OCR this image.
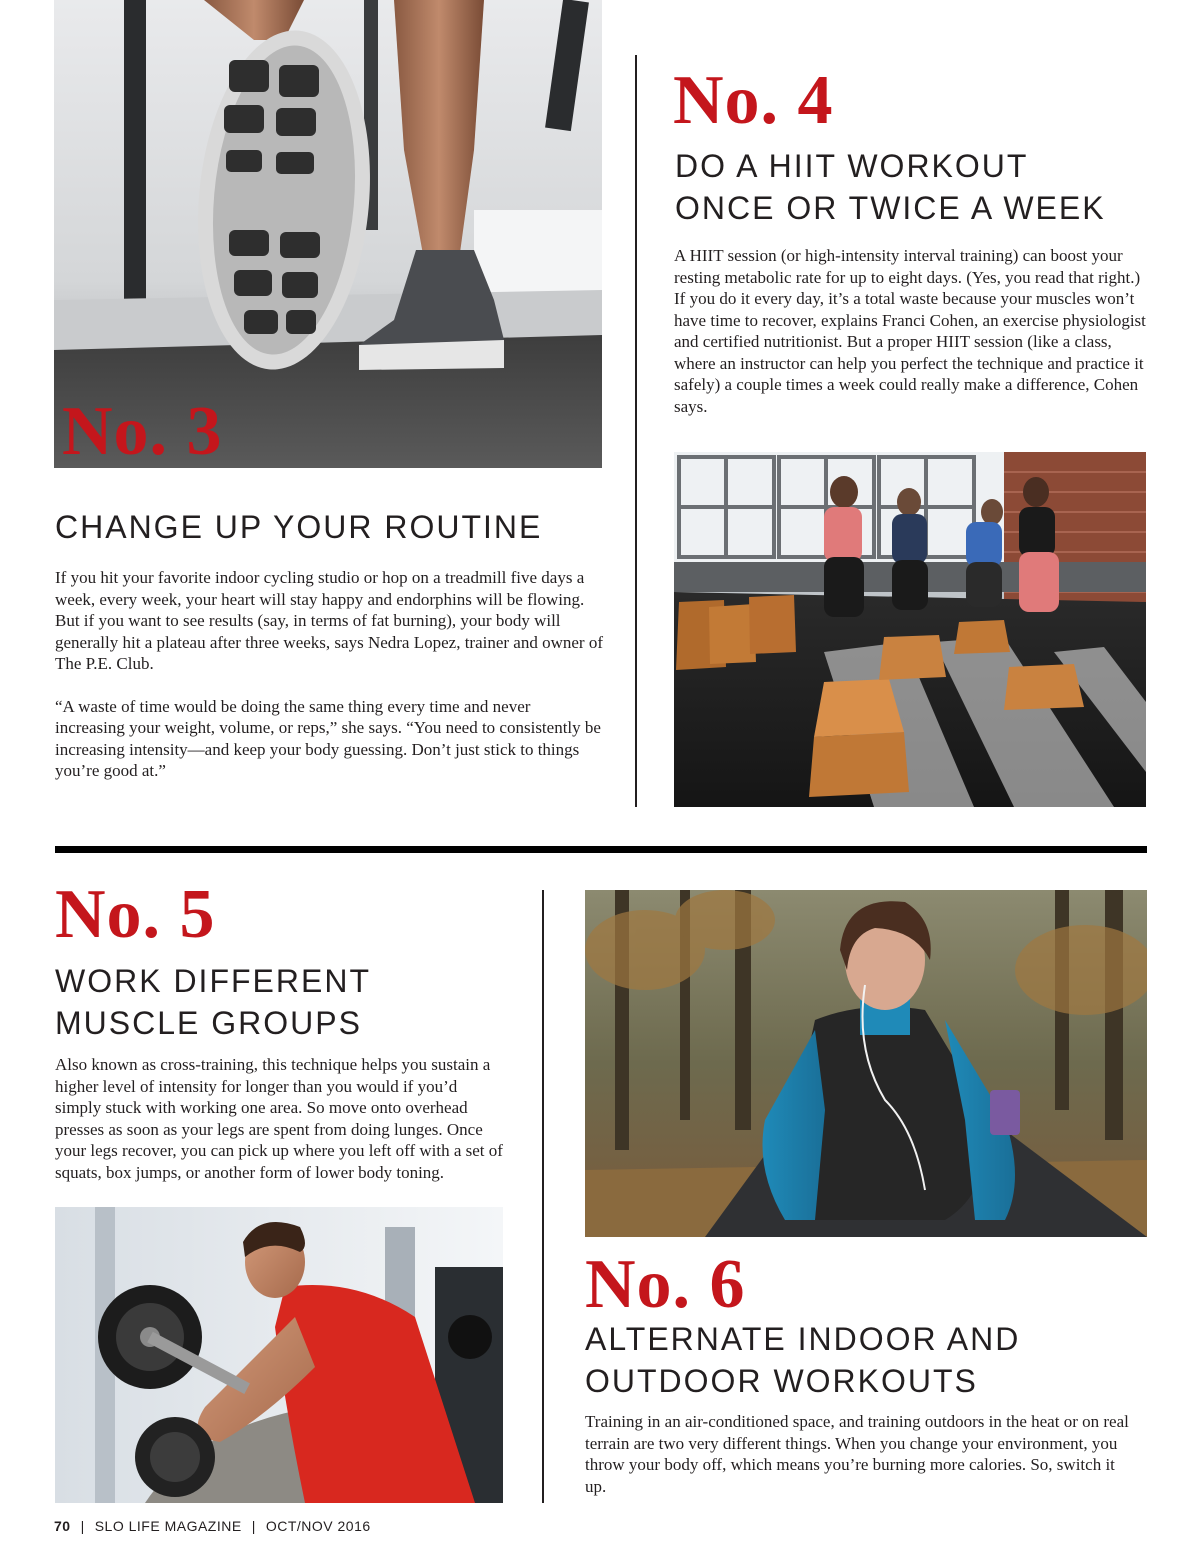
No. 3
CHANGE UP YOUR ROUTINE

If you hit your favorite indoor cycling studio or hop on a treadmill five days a week, every week, your heart will stay happy and endorphins will be flowing. But if you want to see results (say, in terms of fat burning), your body will generally hit a plateau after three weeks, says Nedra Lopez, trainer and owner of The P.E. Club.

“A waste of time would be doing the same thing every time and never increasing your weight, volume, or reps,” she says. “You need to consistently be increasing intensity—and keep your body guessing. Don’t just stick to things you’re good at.”

No. 4
DO A HIIT WORKOUT
ONCE OR TWICE A WEEK
A HIIT session (or high-intensity interval training) can boost your resting metabolic rate for up to eight days. (Yes, you read that right.) If you do it every day, it’s a total waste because your muscles won’t have time to recover, explains Franci Cohen, an exercise physiologist and certified nutritionist. But a proper HIIT session (like a class, where an instructor can help you perfect the technique and practice it safely) a couple times a week could really make a difference, Cohen says.
No. 5
WORK DIFFERENT
MUSCLE GROUPS
Also known as cross-training, this technique helps you sustain a higher level of intensity for longer than you would if you’d simply stuck with working one area. So move onto overhead presses as soon as your legs are spent from doing lunges. Once your legs recover, you can pick up where you left off with a set of squats, box jumps, or another form of lower body toning.
No. 6
ALTERNATE INDOOR AND
OUTDOOR WORKOUTS
Training in an air-conditioned space, and training outdoors in the heat or on real terrain are two very different things. When you change your environment, you throw your body off, which means you’re burning more calories. So, switch it up.
70 | SLO LIFE MAGAZINE | OCT/NOV 2016
